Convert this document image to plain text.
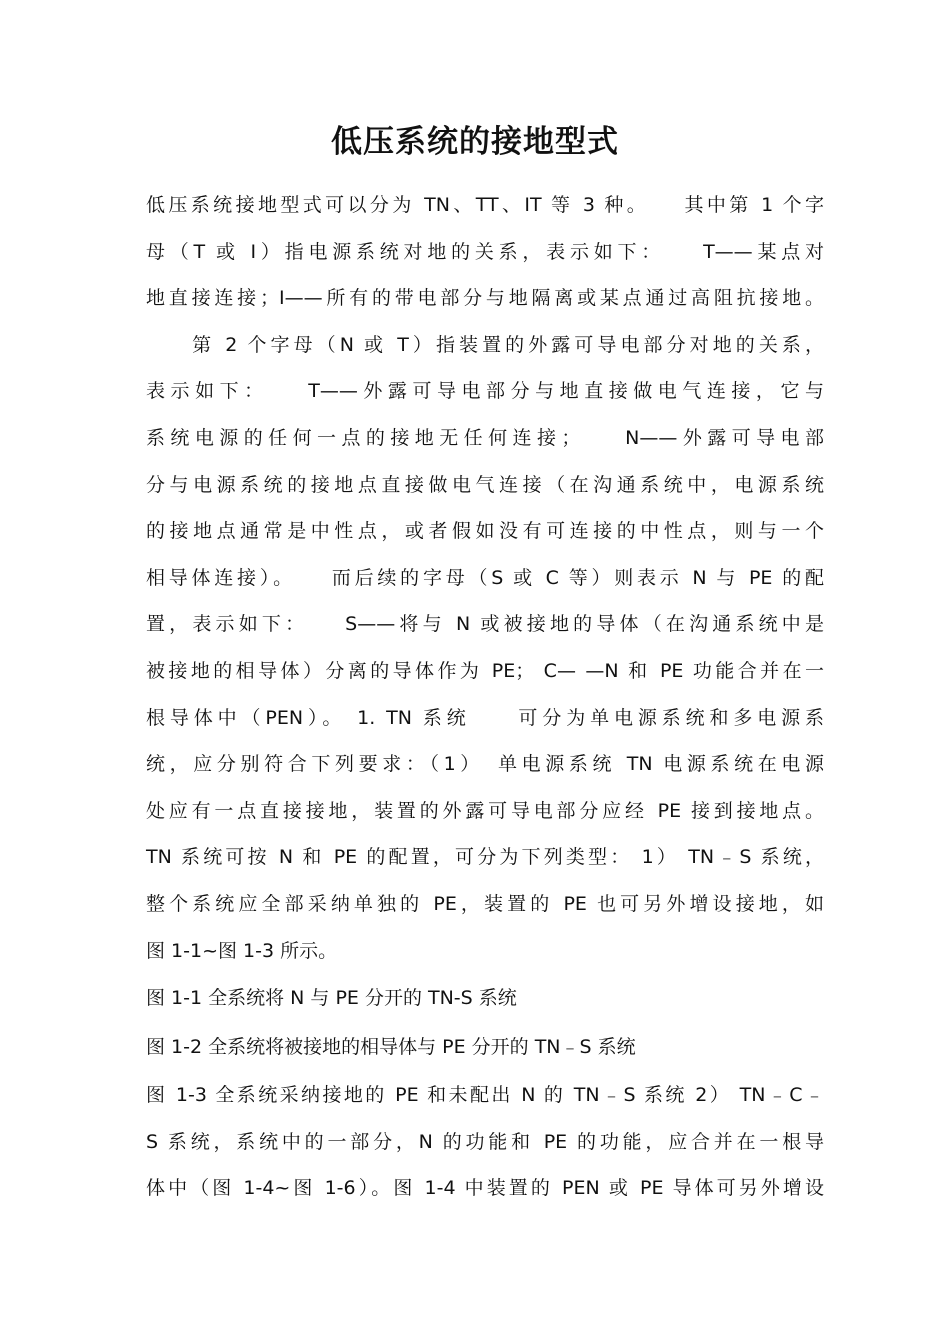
低压系统的接地型式
低压系统接地型式可以分为 TN、TT、IT 等 3 种。　　其中第 1 个字
母（T 或 I）指电源系统对地的关系，表示如下：　　T——某点对
地直接连接；I——所有的带电部分与地隔离或某点通过高阻抗接地。
　　第 2 个字母（N 或 T）指装置的外露可导电部分对地的关系，
表示如下：　　T——外露可导电部分与地直接做电气连接，它与
系统电源的任何一点的接地无任何连接；　　N——外露可导电部
分与电源系统的接地点直接做电气连接（在沟通系统中，电源系统
的接地点通常是中性点，或者假如没有可连接的中性点，则与一个
相导体连接）。　　而后续的字母（S 或 C 等）则表示 N 与 PE 的配
置，表示如下：　　S——将与 N 或被接地的导体（在沟通系统中是
被接地的相导体）分离的导体作为 PE； C— —N 和 PE 功能合并在一
根导体中（PEN）。 1. TN 系统　　可分为单电源系统和多电源系
统，应分别符合下列要求：（1）　单电源系统 TN 电源系统在电源
处应有一点直接接地，装置的外露可导电部分应经 PE 接到接地点。
TN 系统可按 N 和 PE 的配置，可分为下列类型： 1） TN﹣S 系统，
整个系统应全部采纳单独的 PE，装置的 PE 也可另外增设接地，如
图 1-1~图 1-3 所示。
图 1-1 全系统将 N 与 PE 分开的 TN-S 系统
图 1-2 全系统将被接地的相导体与 PE 分开的 TN﹣S 系统
图 1-3 全系统采纳接地的 PE 和未配出 N 的 TN﹣S 系统 2） TN﹣C﹣
S 系统，系统中的一部分，N 的功能和 PE 的功能，应合并在一根导
体中（图 1-4~图 1-6）。图 1-4 中装置的 PEN 或 PE 导体可另外增设
